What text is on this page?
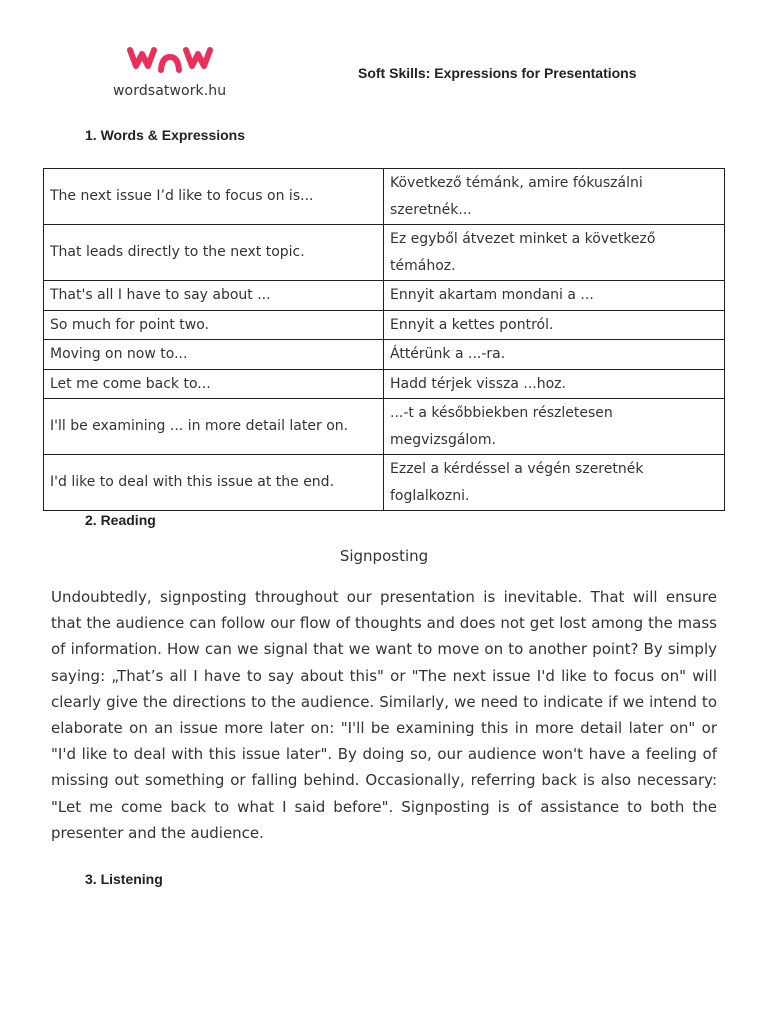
wordsatwork.hu
Soft Skills: Expressions for Presentations
1. Words & Expressions
The next issue I’d like to focus on is...	Következő témánk, amire fókuszálni szeretnék...
That leads directly to the next topic.	Ez egyből átvezet minket a következő témához.
That's all I have to say about ...	Ennyit akartam mondani a ...
So much for point two.	Ennyit a kettes pontról.
Moving on now to...	Áttérünk a ...-ra.
Let me come back to...	Hadd térjek vissza ...hoz.
I'll be examining ... in more detail later on.	...-t a későbbiekben részletesen megvizsgálom.
I'd like to deal with this issue at the end.	Ezzel a kérdéssel a végén szeretnék foglalkozni.
2. Reading
Signposting
Undoubtedly, signposting throughout our presentation is inevitable. That will ensure that the audience can follow our flow of thoughts and does not get lost among the mass of information. How can we signal that we want to move on to another point? By simply saying: „That’s all I have to say about this" or "The next issue I'd like to focus on" will clearly give the directions to the audience. Similarly, we need to indicate if we intend to elaborate on an issue more later on: "I'll be examining this in more detail later on" or "I'd like to deal with this issue later". By doing so, our audience won't have a feeling of missing out something or falling behind. Occasionally, referring back is also necessary: "Let me come back to what I said before". Signposting is of assistance to both the presenter and the audience.
3. Listening
